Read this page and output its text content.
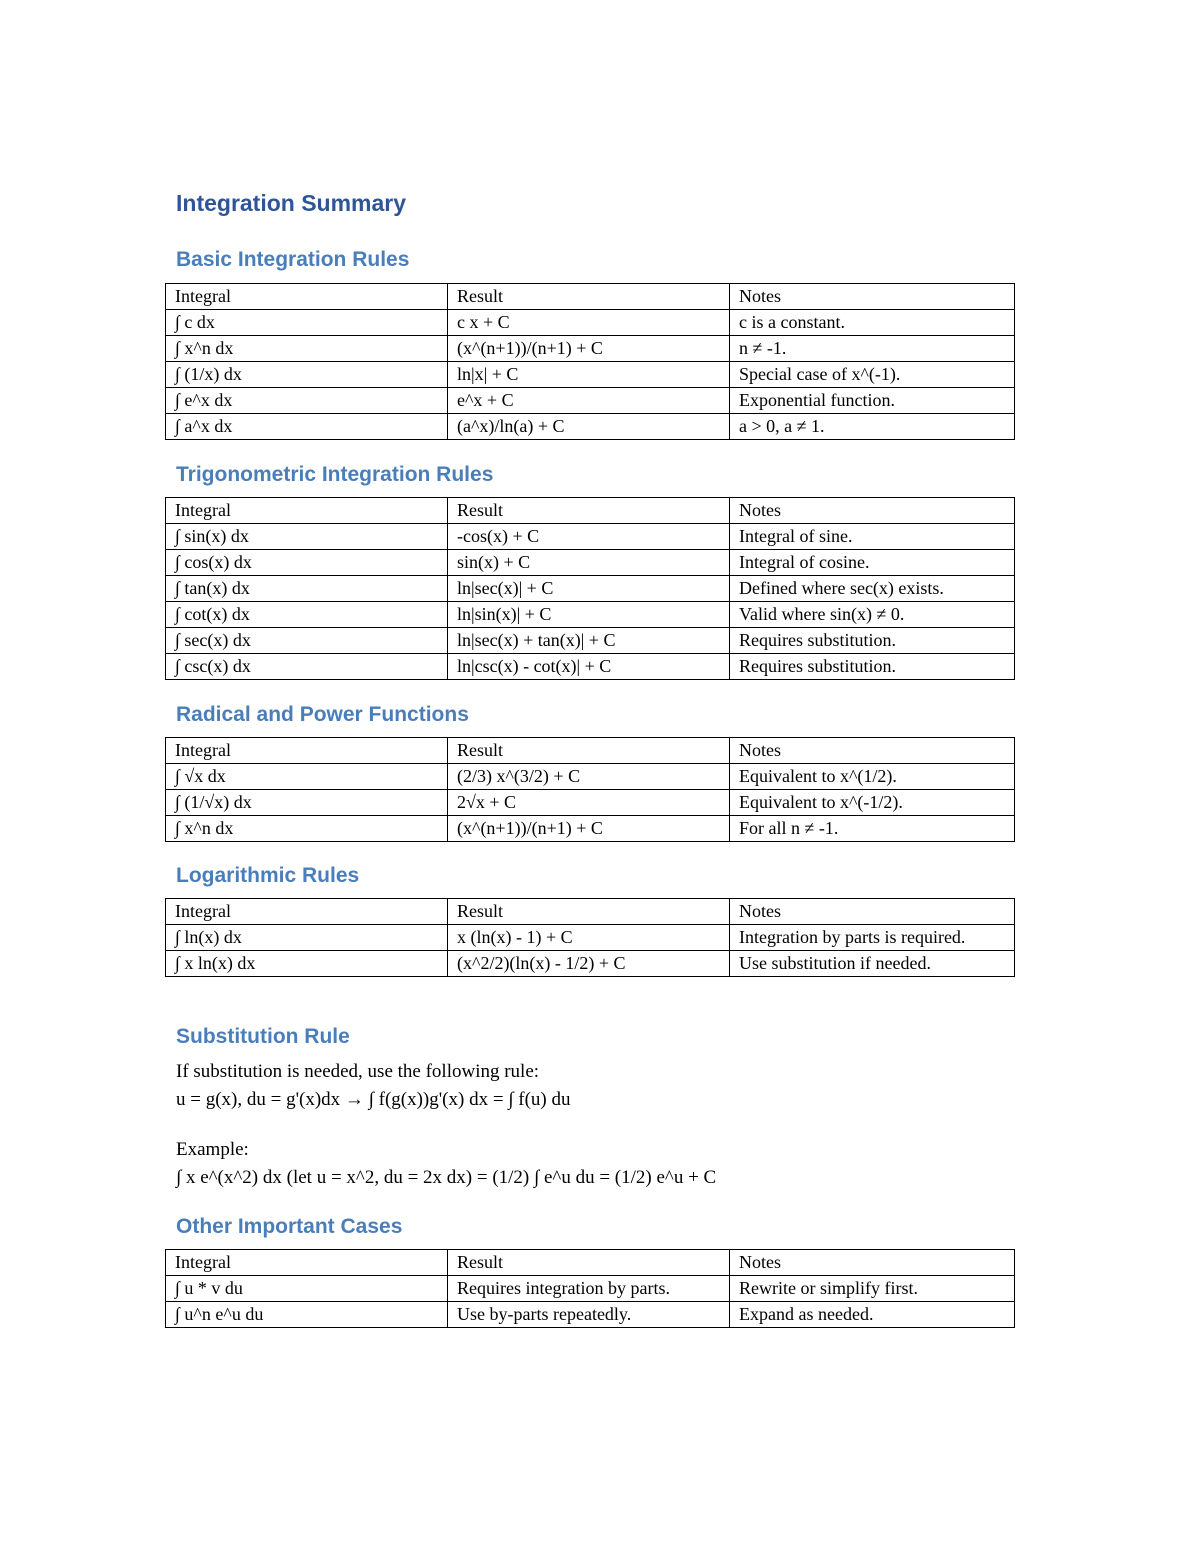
Integration Summary
Basic Integration Rules
Integral	Result	Notes
∫ c dx	c x + C	c is a constant.
∫ x^n dx	(x^(n+1))/(n+1) + C	n ≠ -1.
∫ (1/x) dx	ln|x| + C	Special case of x^(-1).
∫ e^x dx	e^x + C	Exponential function.
∫ a^x dx	(a^x)/ln(a) + C	a > 0, a ≠ 1.
Trigonometric Integration Rules
Integral	Result	Notes
∫ sin(x) dx	-cos(x) + C	Integral of sine.
∫ cos(x) dx	sin(x) + C	Integral of cosine.
∫ tan(x) dx	ln|sec(x)| + C	Defined where sec(x) exists.
∫ cot(x) dx	ln|sin(x)| + C	Valid where sin(x) ≠ 0.
∫ sec(x) dx	ln|sec(x) + tan(x)| + C	Requires substitution.
∫ csc(x) dx	ln|csc(x) - cot(x)| + C	Requires substitution.
Radical and Power Functions
Integral	Result	Notes
∫ √x dx	(2/3) x^(3/2) + C	Equivalent to x^(1/2).
∫ (1/√x) dx	2√x + C	Equivalent to x^(-1/2).
∫ x^n dx	(x^(n+1))/(n+1) + C	For all n ≠ -1.
Logarithmic Rules
Integral	Result	Notes
∫ ln(x) dx	x (ln(x) - 1) + C	Integration by parts is required.
∫ x ln(x) dx	(x^2/2)(ln(x) - 1/2) + C	Use substitution if needed.
Substitution Rule

If substitution is needed, use the following rule:

u = g(x), du = g'(x)dx → ∫ f(g(x))g'(x) dx = ∫ f(u) du

Example:

∫ x e^(x^2) dx (let u = x^2, du = 2x dx) = (1/2) ∫ e^u du = (1/2) e^u + C

Other Important Cases
Integral	Result	Notes
∫ u * v du	Requires integration by parts.	Rewrite or simplify first.
∫ u^n e^u du	Use by-parts repeatedly.	Expand as needed.
